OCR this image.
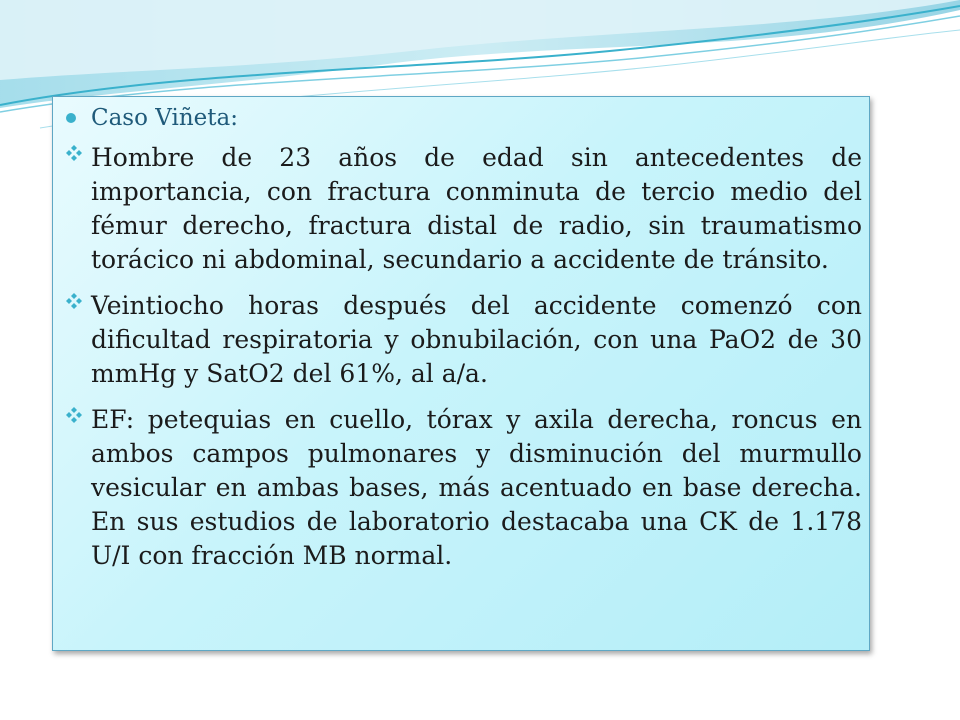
Caso Viñeta:
Hombre de 23 años de edad sin antecedentes de importancia, con fractura conminuta de tercio medio del fémur derecho, fractura distal de radio, sin traumatismo torácico ni abdominal, secundario a accidente de tránsito.
Veintiocho horas después del accidente comenzó con dificultad respiratoria y obnubilación, con una PaO2 de 30 mmHg y SatO2 del 61%, al a/a.
EF: petequias en cuello, tórax y axila derecha, roncus en ambos campos pulmonares y disminución del murmullo vesicular en ambas bases, más acentuado en base derecha. En sus estudios de laboratorio destacaba una CK de 1.178 U/I con fracción MB normal.
